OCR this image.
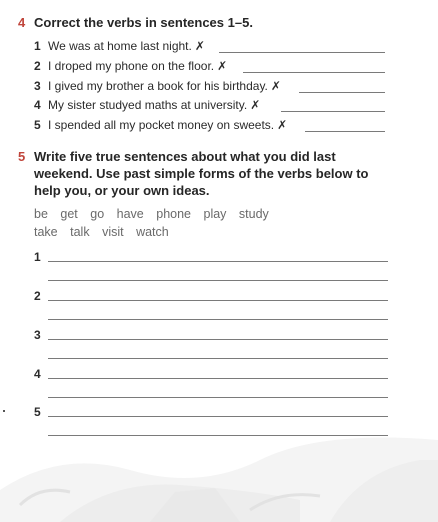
4 Correct the verbs in sentences 1–5.
1 We was at home last night. ✗
2 I droped my phone on the floor. ✗
3 I gived my brother a book for his birthday. ✗
4 My sister studyed maths at university. ✗
5 I spended all my pocket money on sweets. ✗
5 Write five true sentences about what you did last weekend. Use past simple forms of the verbs below to help you, or your own ideas.
be get go have phone play study
take talk visit watch
1
2
3
4
5
